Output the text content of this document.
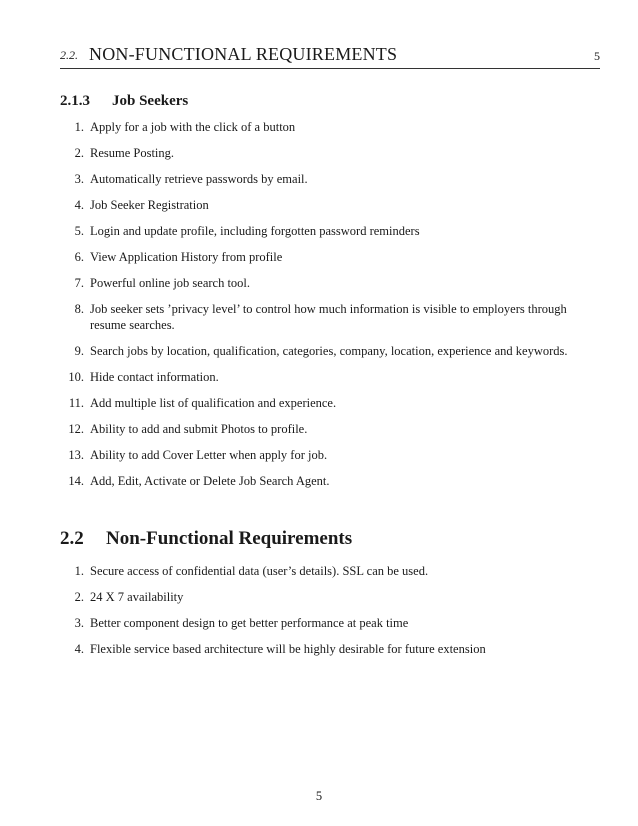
2.2. NON-FUNCTIONAL REQUIREMENTS	5
2.1.3 Job Seekers
1. Apply for a job with the click of a button
2. Resume Posting.
3. Automatically retrieve passwords by email.
4. Job Seeker Registration
5. Login and update profile, including forgotten password reminders
6. View Application History from profile
7. Powerful online job search tool.
8. Job seeker sets ’privacy level’ to control how much information is visible to employers through resume searches.
9. Search jobs by location, qualification, categories, company, location, experience and keywords.
10. Hide contact information.
11. Add multiple list of qualification and experience.
12. Ability to add and submit Photos to profile.
13. Ability to add Cover Letter when apply for job.
14. Add, Edit, Activate or Delete Job Search Agent.
2.2 Non-Functional Requirements
1. Secure access of confidential data (user’s details). SSL can be used.
2. 24 X 7 availability
3. Better component design to get better performance at peak time
4. Flexible service based architecture will be highly desirable for future extension
5
